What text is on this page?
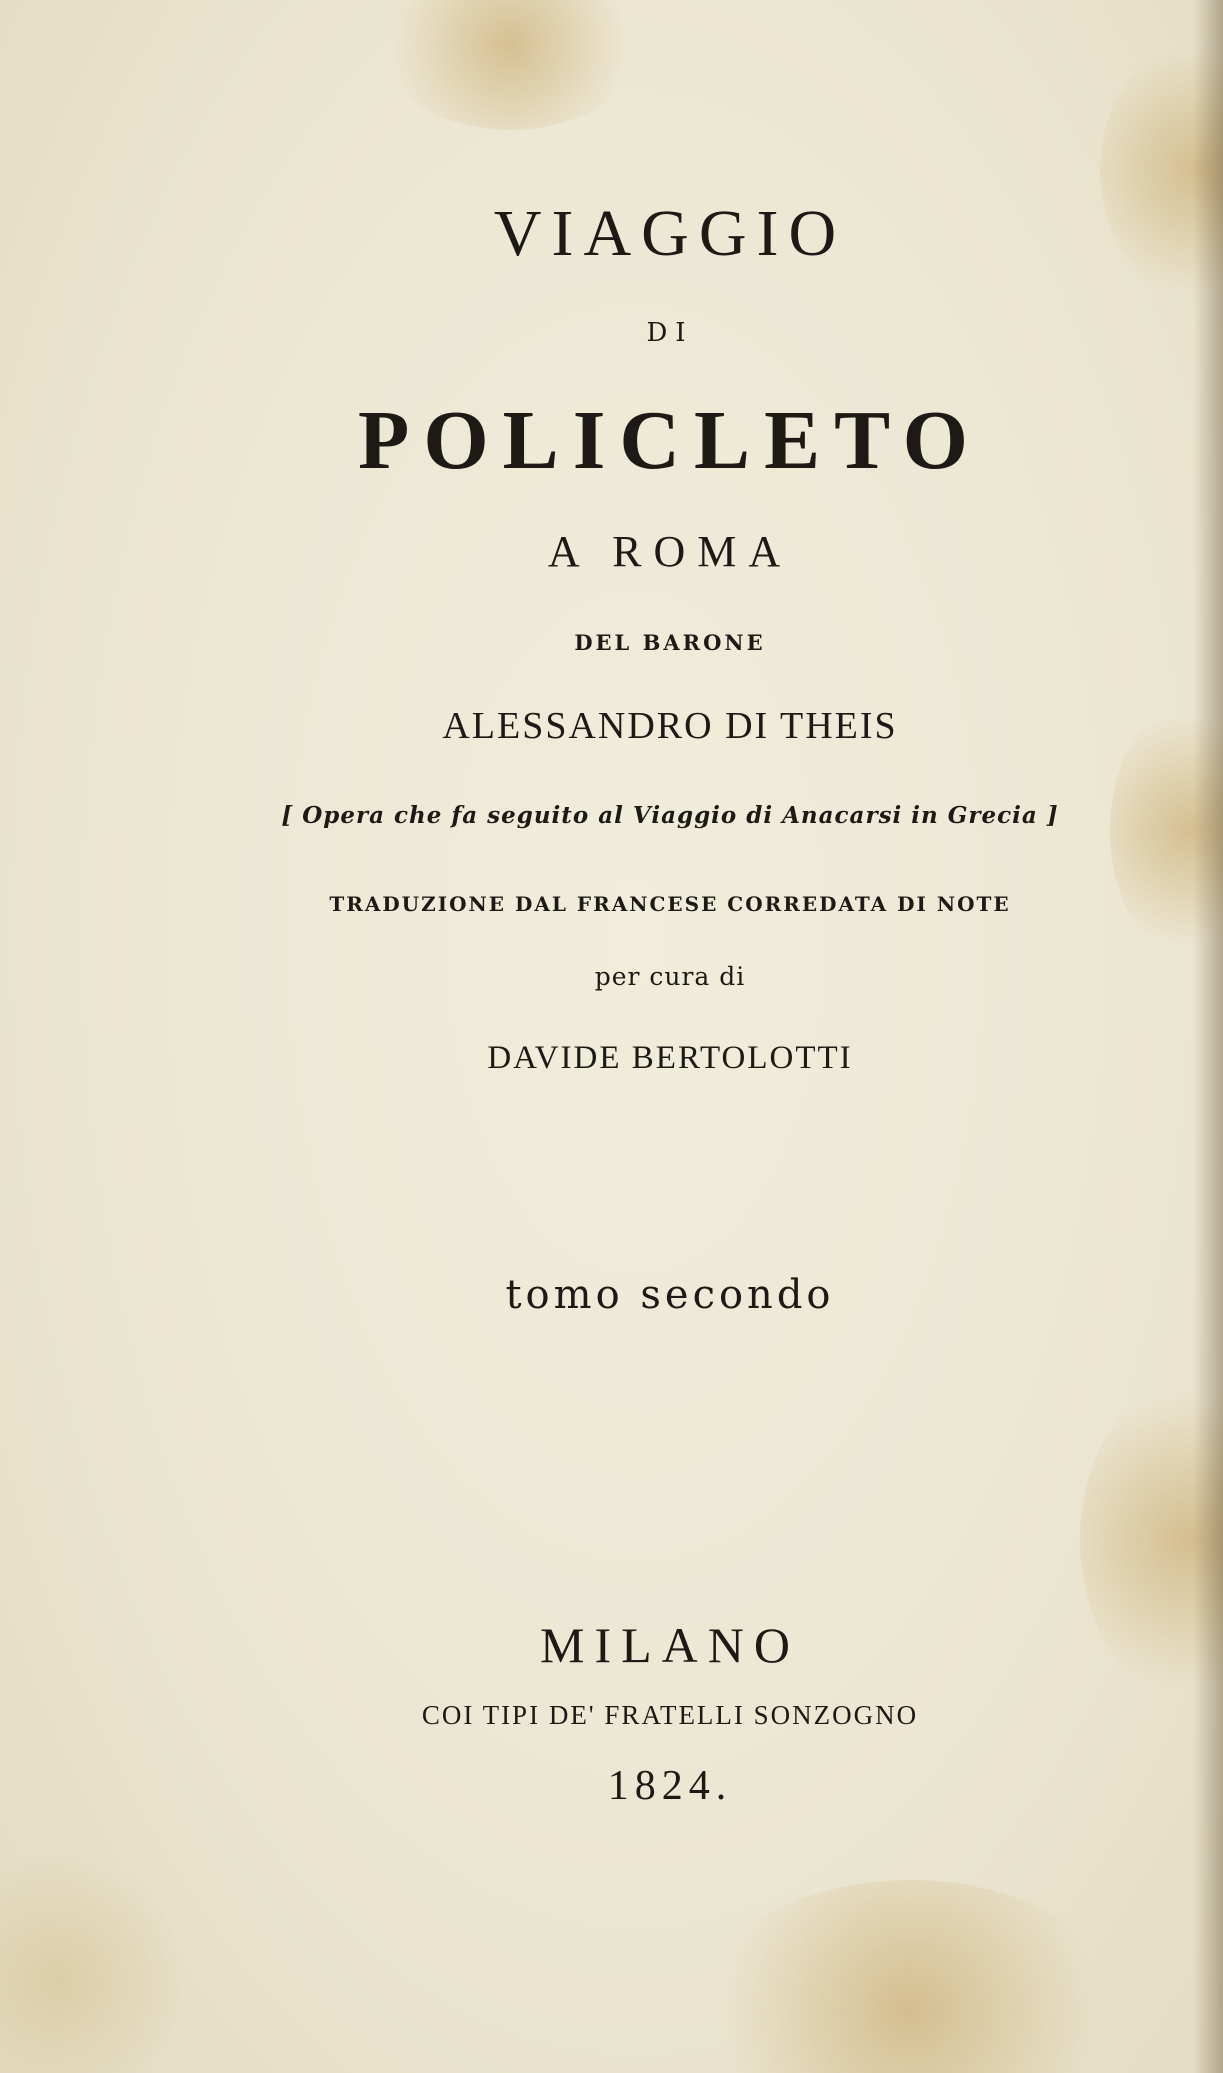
VIAGGIO
DI
POLICLETO
A ROMA
DEL BARONE
ALESSANDRO DI THEIS
[ Opera che fa seguito al Viaggio di Anacarsi in Grecia ]
TRADUZIONE DAL FRANCESE CORREDATA DI NOTE
per cura di
DAVIDE BERTOLOTTI
tomo secondo
MILANO
COI TIPI DE' FRATELLI SONZOGNO
1824.
